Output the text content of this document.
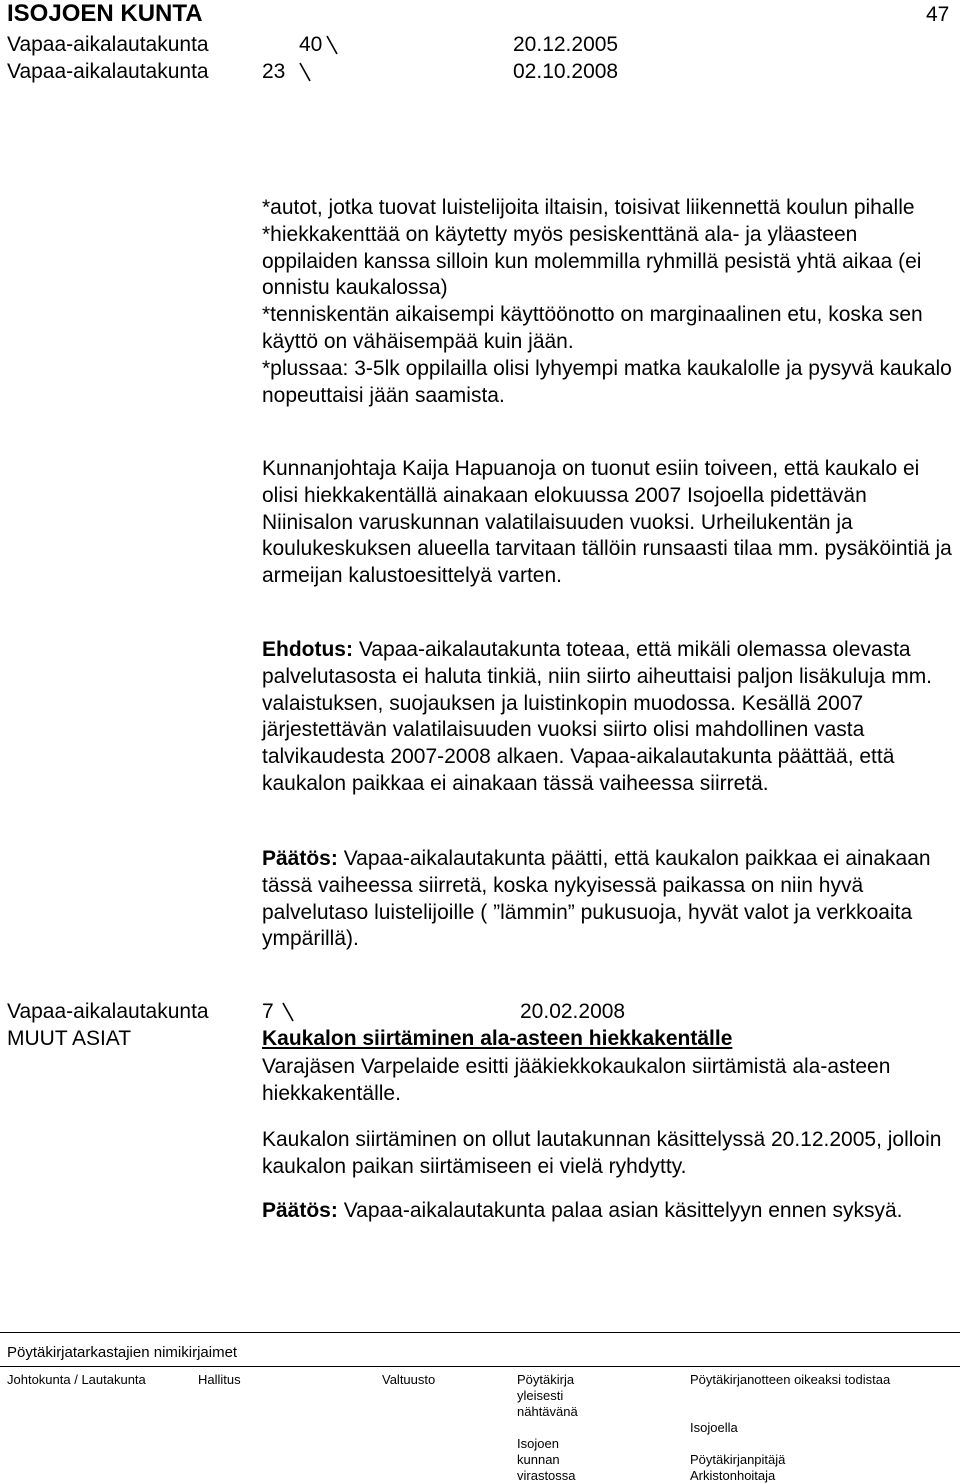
ISOJOEN KUNTA	47
Vapaa-aikalautakunta	40	20.12.2005
Vapaa-aikalautakunta	23	02.10.2008

*autot, jotka tuovat luistelijoita iltaisin, toisivat liikennettä koulun pihalle

*hiekkakenttää on käytetty myös pesiskenttänä ala- ja yläasteen oppilaiden kanssa silloin kun molemmilla ryhmillä pesistä yhtä aikaa (ei onnistu kaukalossa)

*tenniskentän aikaisempi käyttöönotto on marginaalinen etu, koska sen käyttö on vähäisempää kuin jään.

*plussaa: 3-5lk oppilailla olisi lyhyempi matka kaukalolle ja pysyvä kaukalo nopeuttaisi jään saamista.

Kunnanjohtaja Kaija Hapuanoja on tuonut esiin toiveen, että kaukalo ei olisi hiekkakentällä ainakaan elokuussa 2007 Isojoella pidettävän Niinisalon varuskunnan valatilaisuuden vuoksi. Urheilukentän ja koulukeskuksen alueella tarvitaan tällöin runsaasti tilaa mm. pysäköintiä ja armeijan kalustoesittelyä varten.

Ehdotus: Vapaa-aikalautakunta toteaa, että mikäli olemassa olevasta palvelutasosta ei haluta tinkiä, niin siirto aiheuttaisi paljon lisäkuluja mm. valaistuksen, suojauksen ja luistinkopin muodossa. Kesällä 2007 järjestettävän valatilaisuuden vuoksi siirto olisi mahdollinen vasta talvikaudesta 2007-2008 alkaen. Vapaa-aikalautakunta päättää, että kaukalon paikkaa ei ainakaan tässä vaiheessa siirretä.

Päätös: Vapaa-aikalautakunta päätti, että kaukalon paikkaa ei ainakaan tässä vaiheessa siirretä, koska nykyisessä paikassa on niin hyvä palvelutaso luistelijoille ( ”lämmin” pukusuoja, hyvät valot ja verkkoaita ympärillä).

Vapaa-aikalautakunta	7	20.02.2008
MUUT ASIAT	Kaukalon siirtäminen ala-asteen hiekkakentälle

Varajäsen Varpelaide esitti jääkiekkokaukalon siirtämistä ala-asteen hiekkakentälle.

Kaukalon siirtäminen on ollut lautakunnan käsittelyssä 20.12.2005, jolloin kaukalon paikan siirtämiseen ei vielä ryhdytty.

Päätös: Vapaa-aikalautakunta palaa asian käsittelyyn ennen syksyä.

Pöytäkirjatarkastajien nimikirjaimet
Johtokunta / Lautakunta	Hallitus	Valtuusto	Pöytäkirja
yleisesti
nähtävänä
Isojoen
kunnan
virastossa
Pöytäkirjanotteen oikeaksi todistaa
Isojoella
Pöytäkirjanpitäjä
Arkistonhoitaja
